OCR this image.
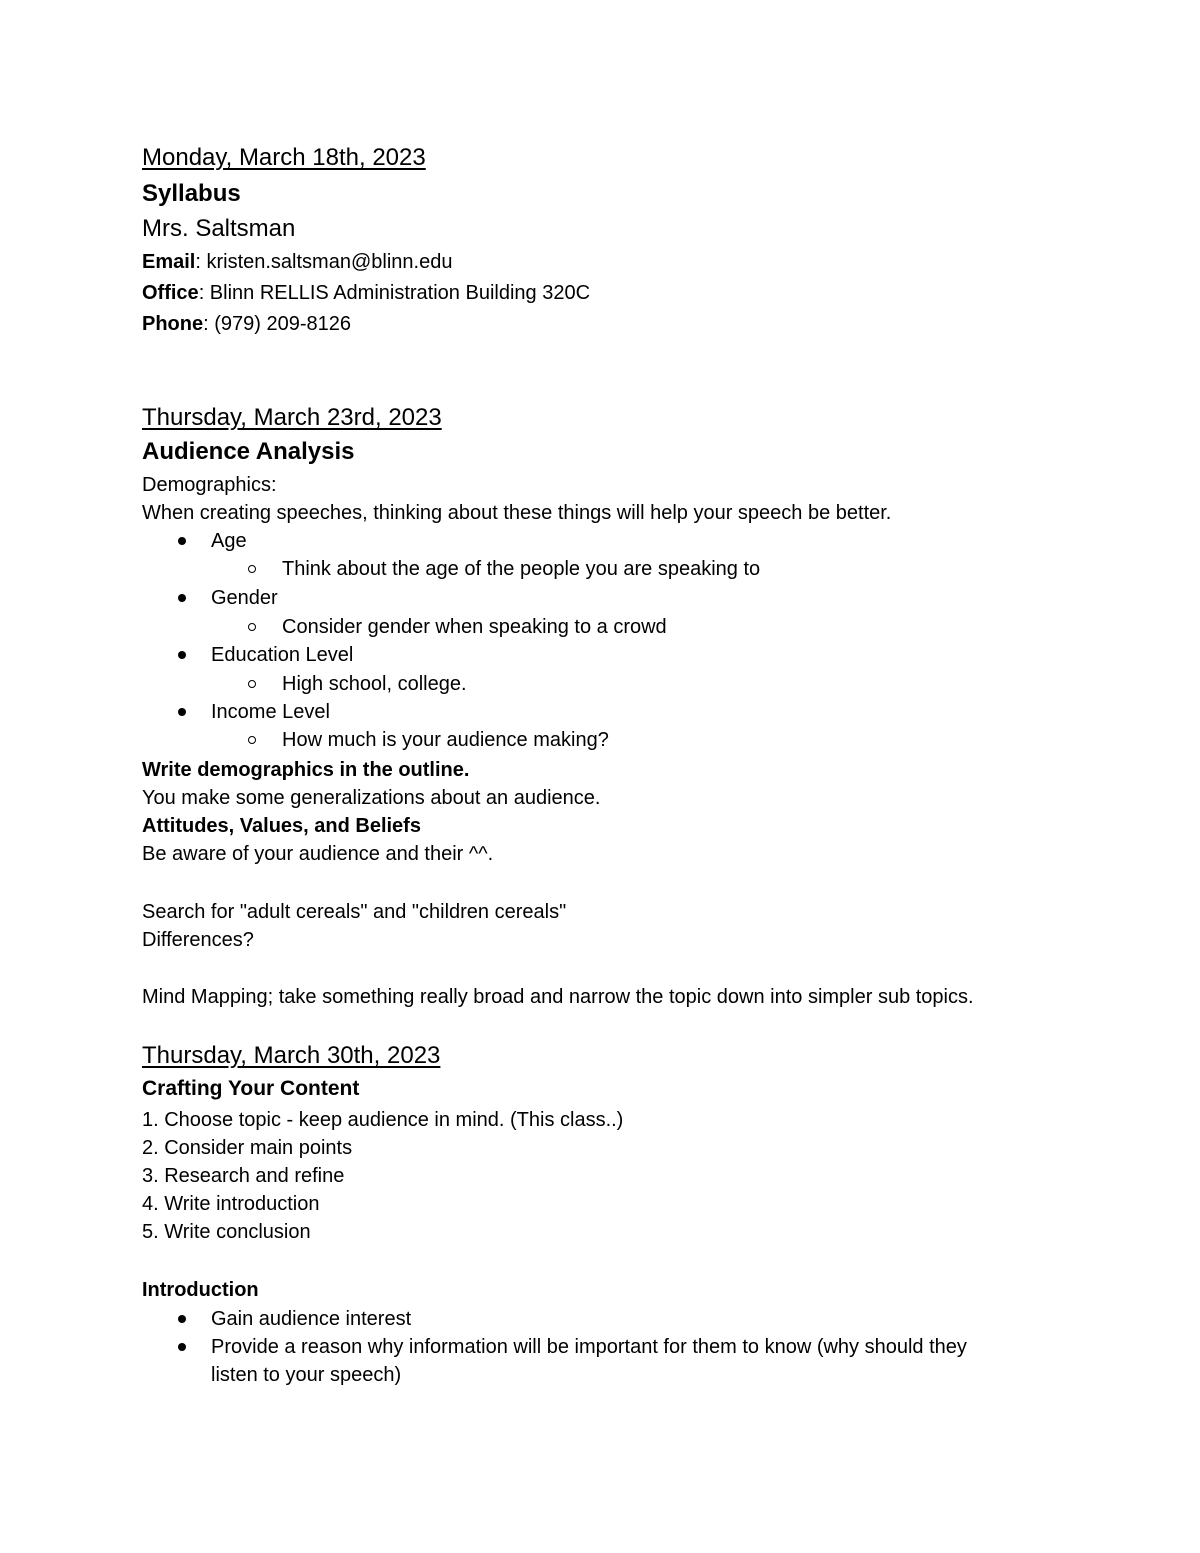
Monday, March 18th, 2023
Syllabus
Mrs. Saltsman
Email: kristen.saltsman@blinn.edu
Office: Blinn RELLIS Administration Building 320C
Phone: (979) 209-8126
Thursday, March 23rd, 2023
Audience Analysis
Demographics:
When creating speeches, thinking about these things will help your speech be better.
Age
Think about the age of the people you are speaking to
Gender
Consider gender when speaking to a crowd
Education Level
High school, college.
Income Level
How much is your audience making?
Write demographics in the outline.
You make some generalizations about an audience.
Attitudes, Values, and Beliefs
Be aware of your audience and their ^^.
Search for "adult cereals" and "children cereals"
Differences?
Mind Mapping; take something really broad and narrow the topic down into simpler sub topics.
Thursday, March 30th, 2023
Crafting Your Content
1. Choose topic - keep audience in mind. (This class..)
2. Consider main points
3. Research and refine
4. Write introduction
5. Write conclusion
Introduction
Gain audience interest
Provide a reason why information will be important for them to know (why should they
listen to your speech)
